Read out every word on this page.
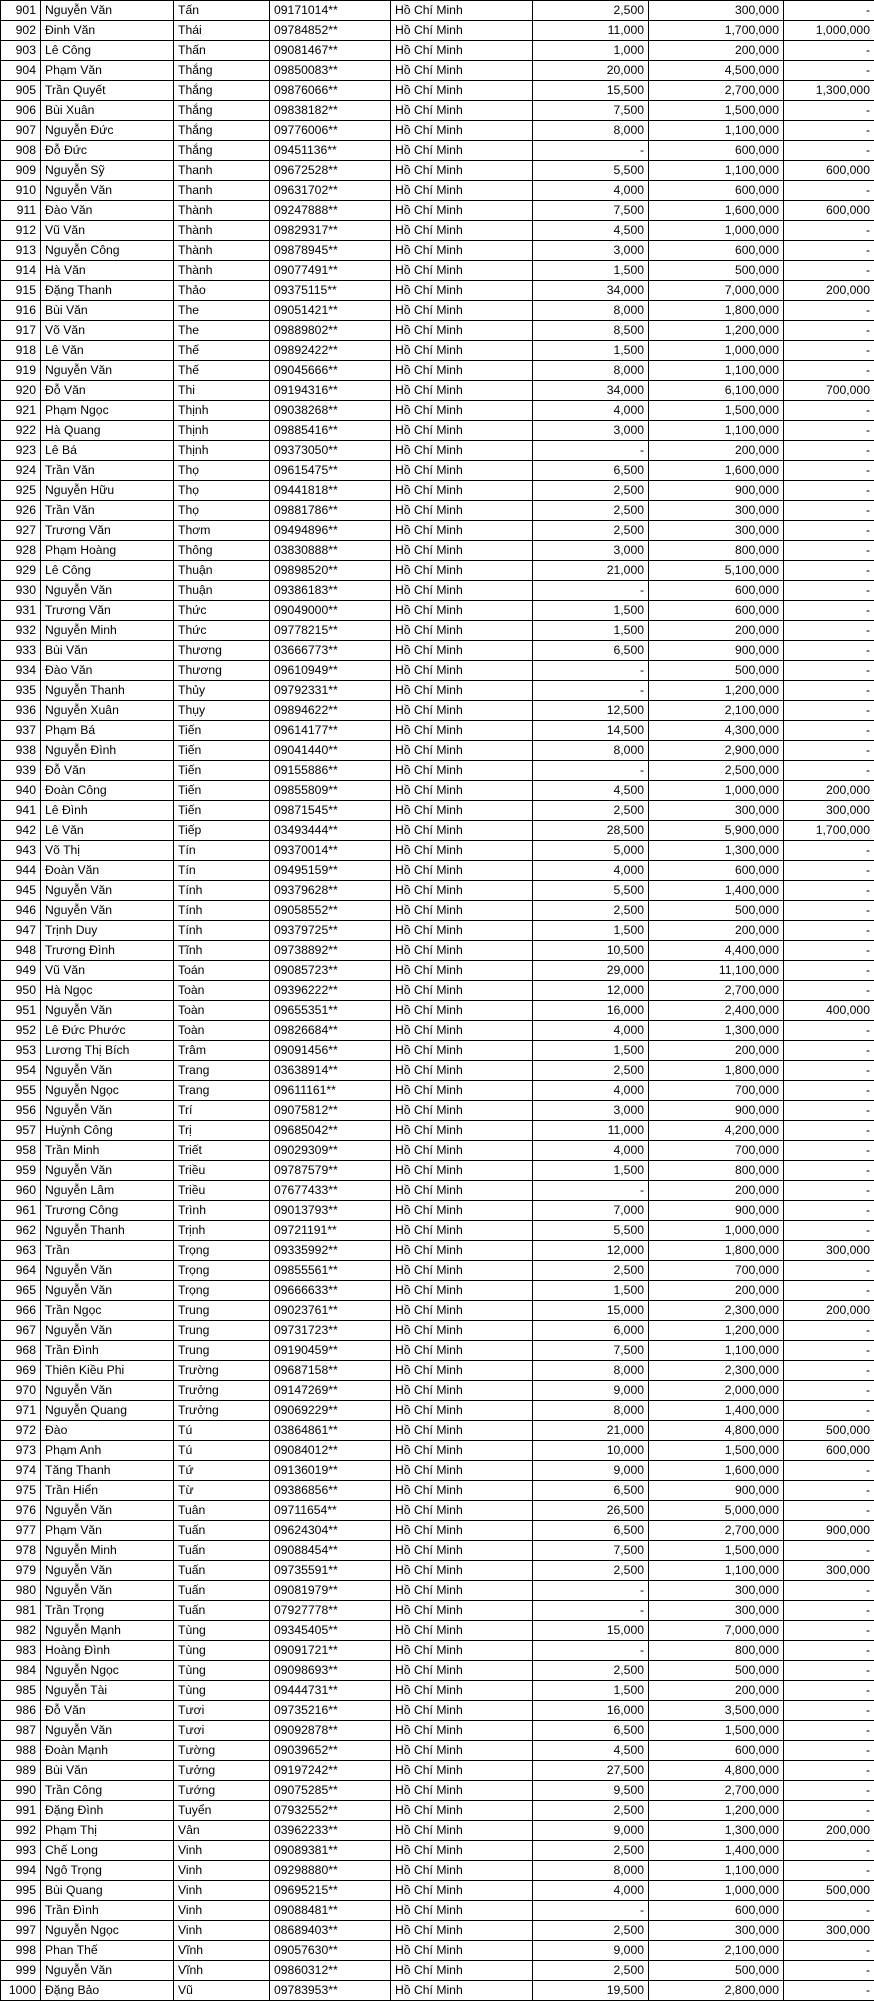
901	Nguyễn Văn	Tấn	09171014**	Hồ Chí Minh	2,500	300,000	-
902	Đinh Văn	Thái	09784852**	Hồ Chí Minh	11,000	1,700,000	1,000,000
903	Lê Công	Thấn	09081467**	Hồ Chí Minh	1,000	200,000	-
904	Phạm Văn	Thắng	09850083**	Hồ Chí Minh	20,000	4,500,000	-
905	Trần Quyết	Thắng	09876066**	Hồ Chí Minh	15,500	2,700,000	1,300,000
906	Bùi Xuân	Thắng	09838182**	Hồ Chí Minh	7,500	1,500,000	-
907	Nguyễn Đức	Thắng	09776006**	Hồ Chí Minh	8,000	1,100,000	-
908	Đỗ Đức	Thắng	09451136**	Hồ Chí Minh	-	600,000	-
909	Nguyễn Sỹ	Thanh	09672528**	Hồ Chí Minh	5,500	1,100,000	600,000
910	Nguyễn Văn	Thanh	09631702**	Hồ Chí Minh	4,000	600,000	-
911	Đào Văn	Thành	09247888**	Hồ Chí Minh	7,500	1,600,000	600,000
912	Vũ Văn	Thành	09829317**	Hồ Chí Minh	4,500	1,000,000	-
913	Nguyễn Công	Thành	09878945**	Hồ Chí Minh	3,000	600,000	-
914	Hà Văn	Thành	09077491**	Hồ Chí Minh	1,500	500,000	-
915	Đặng Thanh	Thảo	09375115**	Hồ Chí Minh	34,000	7,000,000	200,000
916	Bùi Văn	The	09051421**	Hồ Chí Minh	8,000	1,800,000	-
917	Võ Văn	The	09889802**	Hồ Chí Minh	8,500	1,200,000	-
918	Lê Văn	Thế	09892422**	Hồ Chí Minh	1,500	1,000,000	-
919	Nguyễn Văn	Thế	09045666**	Hồ Chí Minh	8,000	1,100,000	-
920	Đỗ Văn	Thi	09194316**	Hồ Chí Minh	34,000	6,100,000	700,000
921	Phạm Ngọc	Thịnh	09038268**	Hồ Chí Minh	4,000	1,500,000	-
922	Hà Quang	Thịnh	09885416**	Hồ Chí Minh	3,000	1,100,000	-
923	Lê Bá	Thịnh	09373050**	Hồ Chí Minh	-	200,000	-
924	Trần Văn	Thọ	09615475**	Hồ Chí Minh	6,500	1,600,000	-
925	Nguyễn Hữu	Thọ	09441818**	Hồ Chí Minh	2,500	900,000	-
926	Trần Văn	Thọ	09881786**	Hồ Chí Minh	2,500	300,000	-
927	Trương Văn	Thơm	09494896**	Hồ Chí Minh	2,500	300,000	-
928	Phạm Hoàng	Thông	03830888**	Hồ Chí Minh	3,000	800,000	-
929	Lê Công	Thuận	09898520**	Hồ Chí Minh	21,000	5,100,000	-
930	Nguyễn Văn	Thuận	09386183**	Hồ Chí Minh	-	600,000	-
931	Trương Văn	Thức	09049000**	Hồ Chí Minh	1,500	600,000	-
932	Nguyễn Minh	Thức	09778215**	Hồ Chí Minh	1,500	200,000	-
933	Bùi Văn	Thương	03666773**	Hồ Chí Minh	6,500	900,000	-
934	Đào Văn	Thương	09610949**	Hồ Chí Minh	-	500,000	-
935	Nguyễn Thanh	Thủy	09792331**	Hồ Chí Minh	-	1,200,000	-
936	Nguyễn Xuân	Thụy	09894622**	Hồ Chí Minh	12,500	2,100,000	-
937	Phạm Bá	Tiến	09614177**	Hồ Chí Minh	14,500	4,300,000	-
938	Nguyễn Đình	Tiến	09041440**	Hồ Chí Minh	8,000	2,900,000	-
939	Đỗ Văn	Tiến	09155886**	Hồ Chí Minh	-	2,500,000	-
940	Đoàn Công	Tiến	09855809**	Hồ Chí Minh	4,500	1,000,000	200,000
941	Lê Đình	Tiến	09871545**	Hồ Chí Minh	2,500	300,000	300,000
942	Lê Văn	Tiếp	03493444**	Hồ Chí Minh	28,500	5,900,000	1,700,000
943	Võ Thị	Tín	09370014**	Hồ Chí Minh	5,000	1,300,000	-
944	Đoàn Văn	Tín	09495159**	Hồ Chí Minh	4,000	600,000	-
945	Nguyễn Văn	Tính	09379628**	Hồ Chí Minh	5,500	1,400,000	-
946	Nguyễn Văn	Tính	09058552**	Hồ Chí Minh	2,500	500,000	-
947	Trịnh Duy	Tính	09379725**	Hồ Chí Minh	1,500	200,000	-
948	Trương Đình	Tĩnh	09738892**	Hồ Chí Minh	10,500	4,400,000	-
949	Vũ Văn	Toán	09085723**	Hồ Chí Minh	29,000	11,100,000	-
950	Hà Ngọc	Toàn	09396222**	Hồ Chí Minh	12,000	2,700,000	-
951	Nguyễn Văn	Toàn	09655351**	Hồ Chí Minh	16,000	2,400,000	400,000
952	Lê Đức Phước	Toàn	09826684**	Hồ Chí Minh	4,000	1,300,000	-
953	Lương Thị Bích	Trâm	09091456**	Hồ Chí Minh	1,500	200,000	-
954	Nguyễn Văn	Trang	03638914**	Hồ Chí Minh	2,500	1,800,000	-
955	Nguyễn Ngọc	Trang	09611161**	Hồ Chí Minh	4,000	700,000	-
956	Nguyễn Văn	Trí	09075812**	Hồ Chí Minh	3,000	900,000	-
957	Huỳnh Công	Trị	09685042**	Hồ Chí Minh	11,000	4,200,000	-
958	Trần Minh	Triết	09029309**	Hồ Chí Minh	4,000	700,000	-
959	Nguyễn Văn	Triều	09787579**	Hồ Chí Minh	1,500	800,000	-
960	Nguyễn Lâm	Triều	07677433**	Hồ Chí Minh	-	200,000	-
961	Trương Công	Trình	09013793**	Hồ Chí Minh	7,000	900,000	-
962	Nguyễn Thanh	Trịnh	09721191**	Hồ Chí Minh	5,500	1,000,000	-
963	Trần	Trọng	09335992**	Hồ Chí Minh	12,000	1,800,000	300,000
964	Nguyễn Văn	Trọng	09855561**	Hồ Chí Minh	2,500	700,000	-
965	Nguyễn Văn	Trọng	09666633**	Hồ Chí Minh	1,500	200,000	-
966	Trần Ngọc	Trung	09023761**	Hồ Chí Minh	15,000	2,300,000	200,000
967	Nguyễn Văn	Trung	09731723**	Hồ Chí Minh	6,000	1,200,000	-
968	Trần Đình	Trung	09190459**	Hồ Chí Minh	7,500	1,100,000	-
969	Thiên Kiều Phi	Trường	09687158**	Hồ Chí Minh	8,000	2,300,000	-
970	Nguyễn Văn	Trưởng	09147269**	Hồ Chí Minh	9,000	2,000,000	-
971	Nguyễn Quang	Trưởng	09069229**	Hồ Chí Minh	8,000	1,400,000	-
972	Đào	Tú	03864861**	Hồ Chí Minh	21,000	4,800,000	500,000
973	Phạm Anh	Tú	09084012**	Hồ Chí Minh	10,000	1,500,000	600,000
974	Tăng Thanh	Tứ	09136019**	Hồ Chí Minh	9,000	1,600,000	-
975	Trần Hiển	Từ	09386856**	Hồ Chí Minh	6,500	900,000	-
976	Nguyễn Văn	Tuân	09711654**	Hồ Chí Minh	26,500	5,000,000	-
977	Phạm Văn	Tuấn	09624304**	Hồ Chí Minh	6,500	2,700,000	900,000
978	Nguyễn Minh	Tuấn	09088454**	Hồ Chí Minh	7,500	1,500,000	-
979	Nguyễn Văn	Tuấn	09735591**	Hồ Chí Minh	2,500	1,100,000	300,000
980	Nguyễn Văn	Tuấn	09081979**	Hồ Chí Minh	-	300,000	-
981	Trần Trọng	Tuấn	07927778**	Hồ Chí Minh	-	300,000	-
982	Nguyễn Mạnh	Tùng	09345405**	Hồ Chí Minh	15,000	7,000,000	-
983	Hoàng Đình	Tùng	09091721**	Hồ Chí Minh	-	800,000	-
984	Nguyễn Ngọc	Tùng	09098693**	Hồ Chí Minh	2,500	500,000	-
985	Nguyễn Tài	Tùng	09444731**	Hồ Chí Minh	1,500	200,000	-
986	Đỗ Văn	Tươi	09735216**	Hồ Chí Minh	16,000	3,500,000	-
987	Nguyễn Văn	Tươi	09092878**	Hồ Chí Minh	6,500	1,500,000	-
988	Đoàn Mạnh	Tường	09039652**	Hồ Chí Minh	4,500	600,000	-
989	Bùi Văn	Tưởng	09197242**	Hồ Chí Minh	27,500	4,800,000	-
990	Trần Công	Tướng	09075285**	Hồ Chí Minh	9,500	2,700,000	-
991	Đặng Đình	Tuyển	07932552**	Hồ Chí Minh	2,500	1,200,000	-
992	Phạm Thị	Vân	03962233**	Hồ Chí Minh	9,000	1,300,000	200,000
993	Chế Long	Vinh	09089381**	Hồ Chí Minh	2,500	1,400,000	-
994	Ngô Trọng	Vinh	09298880**	Hồ Chí Minh	8,000	1,100,000	-
995	Bùi Quang	Vinh	09695215**	Hồ Chí Minh	4,000	1,000,000	500,000
996	Trần Đình	Vinh	09088481**	Hồ Chí Minh	-	600,000	-
997	Nguyễn Ngọc	Vinh	08689403**	Hồ Chí Minh	2,500	300,000	300,000
998	Phan Thế	Vĩnh	09057630**	Hồ Chí Minh	9,000	2,100,000	-
999	Nguyễn Văn	Vĩnh	09860312**	Hồ Chí Minh	2,500	500,000	-
1000	Đặng Bảo	Vũ	09783953**	Hồ Chí Minh	19,500	2,800,000	-
